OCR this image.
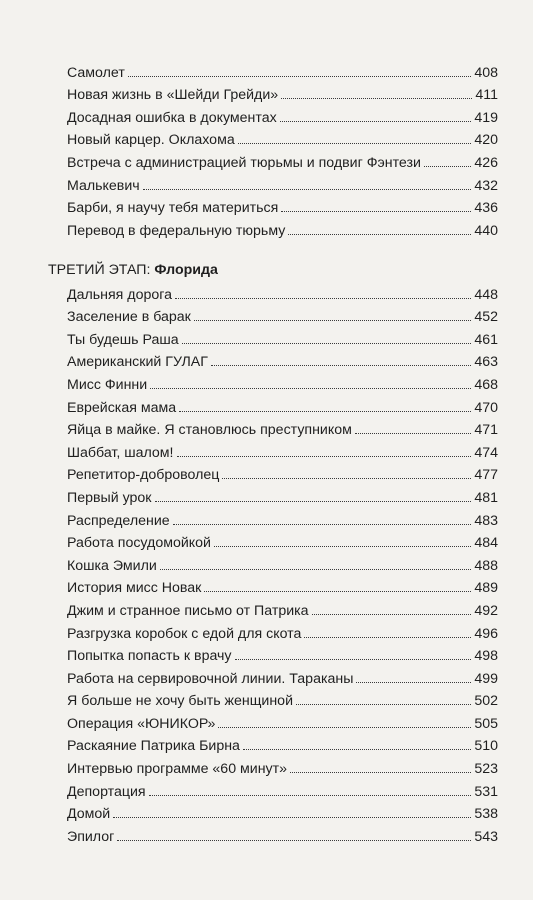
Самолет	408
Новая жизнь в «Шейди Грейди»	411
Досадная ошибка в документах	419
Новый карцер. Оклахома	420
Встреча с администрацией тюрьмы и подвиг Фэнтези	426
Малькевич	432
Барби, я научу тебя материться	436
Перевод в федеральную тюрьму	440
ТРЕТИЙ ЭТАП: Флорида
Дальняя дорога	448
Заселение в барак	452
Ты будешь Раша	461
Американский ГУЛАГ	463
Мисс Финни	468
Еврейская мама	470
Яйца в майке. Я становлюсь преступником	471
Шаббат, шалом!	474
Репетитор-доброволец	477
Первый урок	481
Распределение	483
Работа посудомойкой	484
Кошка Эмили	488
История мисс Новак	489
Джим и странное письмо от Патрика	492
Разгрузка коробок с едой для скота	496
Попытка попасть к врачу	498
Работа на сервировочной линии. Тараканы	499
Я больше не хочу быть женщиной	502
Операция «ЮНИКОР»	505
Раскаяние Патрика Бирна	510
Интервью программе «60 минут»	523
Депортация	531
Домой	538
Эпилог	543
